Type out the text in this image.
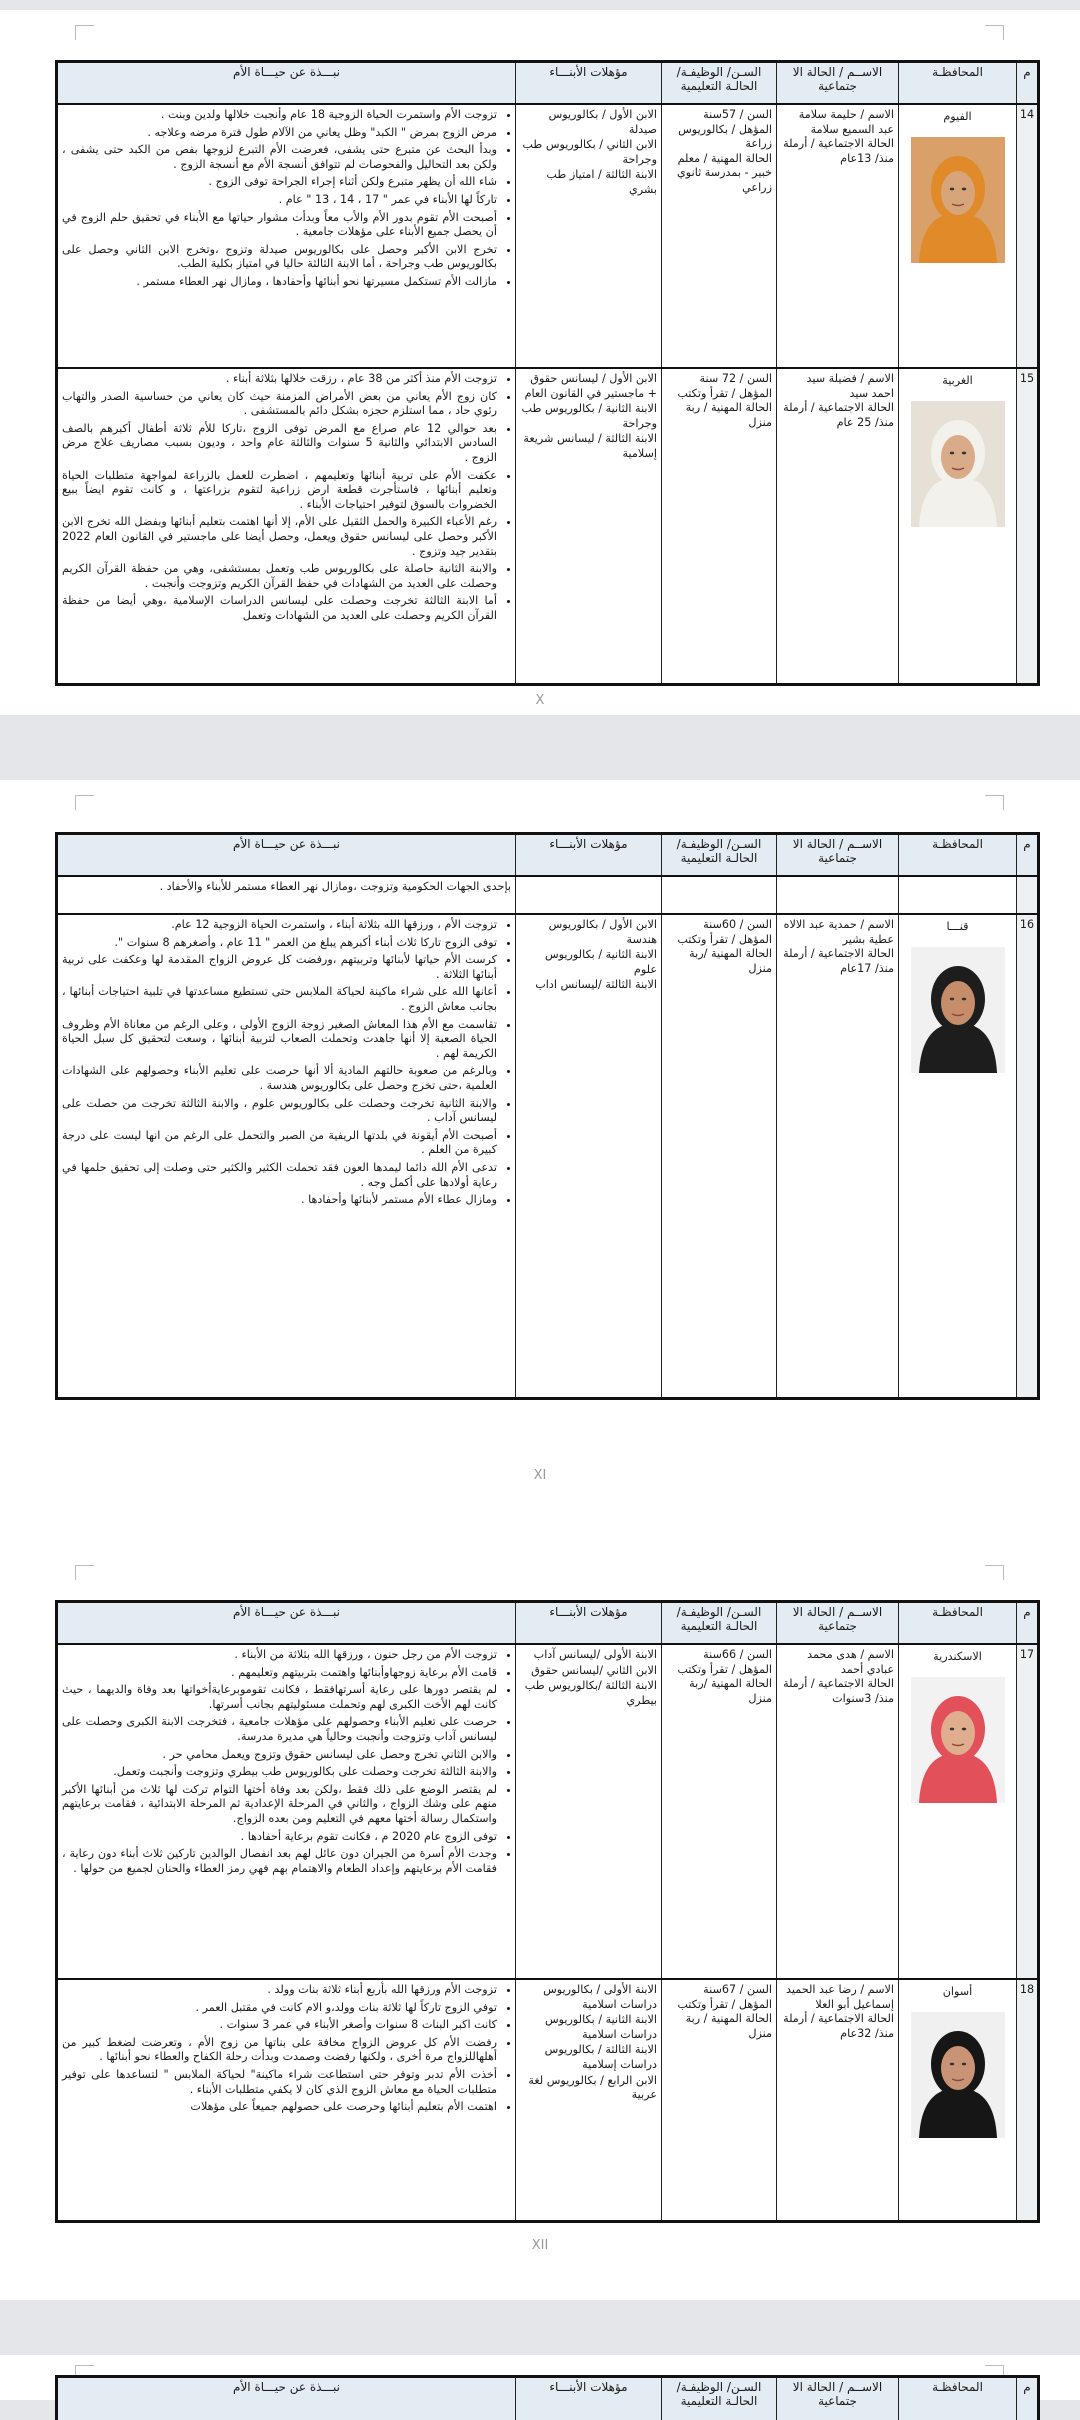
م
المحافظـة
الاســم / الحالة الا جتماعية
السـن/ الوظيفـة/ الحالـة التعليمية
مؤهلات الأبنـــاء
نبـــذة عن حيـــاة الأم
14
الفيوم
الاسم / حليمة سلامة عبد السميع سلامة
الحالة الاجتماعية / أرملة
منذ/ 13عام
السن / 57سنة
المؤهل / بكالوريوس زراعة
الحالة المهنية / معلم خبير - بمدرسة ثانوي زراعي
الابن الأول / بكالوريوس صيدلة
الابن الثاني / بكالوريوس طب وجراحة
الابنة الثالثة / امتياز طب بشري
• تزوجت الأم واستمرت الحياة الزوجية 18 عام وأنجبت خلالها ولدين وبنت .
• مرض الزوج بمرض " الكبد" وظل يعاني من الآلام طول فترة مرضه وعلاجه .
• وبدأ البحث عن متبرع حتى يشفى، فعرضت الأم التبرع لزوجها بفص من الكبد حتى يشفى ، ولكن بعد التحاليل والفحوصات لم تتوافق أنسجة الأم مع أنسجة الزوج .
• شاء الله أن يظهر متبرع ولكن أثناء إجراء الجراحة توفى الزوج .
• تاركاً لها الأبناء في عمر " 17 ، 14 ، 13 " عام .
• أصبحت الأم تقوم بدور الأم والأب معاً وبدأت مشوار حياتها مع الأبناء في تحقيق حلم الزوج في أن يحصل جميع الأبناء على مؤهلات جامعية .
• تخرج الابن الأكبر وحصل على بكالوريوس صيدلة وتزوج ،وتخرج الابن الثاني وحصل على بكالوريوس طب وجراحة ، أما الابنة الثالثة حاليا في امتياز بكلية الطب.
• مازالت الأم تستكمل مسيرتها نحو أبنائها وأحفادها ، ومازال نهر العطاء مستمر .
15
الغربية
الاسم / فضيلة سيد احمد سيد
الحالة الاجتماعية / أرملة
منذ/ 25 عام
السن / 72 سنة
المؤهل / تقرأ وتكتب
الحالة المهنية / ربة منزل
الابن الأول / ليسانس حقوق + ماجستير في القانون العام
الابنة الثانية / بكالوريوس طب وجراحة
الابنة الثالثة / ليسانس شريعة إسلامية
• تزوجت الأم منذ أكثر من 38 عام ، رزقت خلالها بثلاثة أبناء .
• كان زوج الأم يعاني من بعض الأمراض المزمنة حيث كان يعاني من حساسية الصدر والتهاب رئوي حاد ، مما استلزم حجزه بشكل دائم بالمستشفى .
• بعد حوالي 12 عام صراع مع المرض توفى الزوج ،تاركا للأم ثلاثة أطفال أكبرهم بالصف السادس الابتدائي والثانية 5 سنوات والثالثة عام واحد ، وديون بسبب مصاريف علاج مرض الزوج .
• عكفت الأم على تربية أبنائها وتعليمهم ، اضطرت للعمل بالزراعة لمواجهة متطلبات الحياة وتعليم أبنائها ، فاستأجرت قطعة ارض زراعية لتقوم بزراعتها ، و كانت تقوم ايضاً ببيع الخضروات بالسوق لتوفير احتياجات الأبناء .
• رغم الأعباء الكبيرة والحمل الثقيل على الأم، إلا أنها اهتمت بتعليم أبنائها وبفضل الله تخرج الابن الأكبر وحصل على ليسانس حقوق ويعمل، وحصل أيضا على ماجستير في القانون العام 2022 بتقدير جيد وتزوج .
• والابنة الثانية حاصلة على بكالوريوس طب وتعمل بمستشفى، وهي من حفظة القرآن الكريم وحصلت على العديد من الشهادات في حفظ القرآن الكريم وتزوجت وأنجبت .
• أما الابنة الثالثة تخرجت وحصلت على ليسانس الدراسات الإسلامية ،وهي أيضا من حفظة القرآن الكريم وحصلت على العديد من الشهادات وتعمل
X
م
المحافظـة
الاســم / الحالة الا جتماعية
السـن/ الوظيفـة/ الحالـة التعليمية
مؤهلات الأبنـــاء
نبـــذة عن حيـــاة الأم
بإحدى الجهات الحكومية وتزوجت ،ومازال نهر العطاء مستمر للأبناء والأحفاد .
16
قنـــا
الاسم / حمدية عبد الالاه عطية بشير
الحالة الاجتماعية / أرملة
منذ/ 17عام
السن / 60سنة
المؤهل / تقرأ وتكتب
الحالة المهنية /ربة منزل
الابن الأول / بكالوريوس هندسة
الابنة الثانية / بكالوريوس علوم
الابنة الثالثة /ليسانس اداب
• تزوجت الأم ، ورزقها الله بثلاثة أبناء ، واستمرت الحياة الزوجية 12 عام.
• توفى الزوج تاركا ثلاث أبناء أكبرهم يبلغ من العمر " 11 عام ، وأصغرهم 8 سنوات ".
• كرست الأم حياتها لأبنائها وتربيتهم ،ورفضت كل عروض الزواج المقدمة لها وعكفت على تربية أبنائها الثلاثة .
• أعانها الله على شراء ماكينة لحياكة الملابس حتى تستطيع مساعدتها في تلبية احتياجات أبنائها ، بجانب معاش الزوج .
• تقاسمت مع الأم هذا المعاش الصغير زوجة الزوج الأولى ، وعلى الرغم من معاناة الأم وظروف الحياة الصعبة إلا أنها جاهدت وتحملت الصعاب لتربية أبنائها ، وسعت لتحقيق كل سبل الحياة الكريمة لهم .
• وبالرغم من صعوبة حالتهم المادية ألا أنها حرصت على تعليم الأبناء وحصولهم على الشهادات العلمية ،حتى تخرج وحصل على بكالوريوس هندسة .
• والابنة الثانية تخرجت وحصلت على بكالوريوس علوم ، والابنة الثالثة تخرجت من حصلت على ليسانس آداب .
• أصبحت الأم أيقونة في بلدتها الريفية من الصبر والتحمل على الرغم من انها ليست على درجة كبيرة من العلم .
• تدعى الأم الله دائما ليمدها العون فقد تحملت الكثير والكثير حتى وصلت إلى تحقيق حلمها في رعاية أولادها على أكمل وجه .
• ومازال عطاء الأم مستمر لأبنائها وأحفادها .
XI
م
المحافظـة
الاســم / الحالة الا جتماعية
السـن/ الوظيفـة/ الحالـة التعليمية
مؤهلات الأبنـــاء
نبـــذة عن حيـــاة الأم
17
الاسكندرية
الاسم / هدى محمد عبادي أحمد
الحالة الاجتماعية / أرملة
منذ/ 3سنوات
السن / 66سنة
المؤهل / تقرأ وتكتب
الحالة المهنية /ربة منزل
الابنة الأولى /ليسانس آداب
الابن الثاني /ليسانس حقوق
الابنة الثالثة /بكالوريوس طب بيطري
• تزوجت الأم من رجل حنون ، ورزقها الله بثلاثة من الأبناء .
• قامت الأم برعاية زوجهاوأبنائها واهتمت بتربيتهم وتعليمهم .
• لم يقتصر دورها على رعاية أسرتهافقط ، فكانت تقوموبرعايةأخواتها بعد وفاة والديهما ، حيث كانت لهم الأخت الكبرى لهم وتحملت مسئوليتهم بجانب أسرتها.
• حرصت على تعليم الأبناء وحصولهم على مؤهلات جامعية ، فتخرجت الابنة الكبرى وحصلت على ليسانس آداب وتزوجت وأنجبت وحالياً هي مديرة مدرسة.
• والابن الثاني تخرج وحصل على ليسانس حقوق وتزوج ويعمل محامي حر .
• والابنة الثالثة تخرجت وحصلت على بكالوريوس طب بيطري وتزوجت وأنجبت وتعمل.
• لم يقتصر الوضع على ذلك فقط ،ولكن بعد وفاة أختها التوام تركت لها ثلاث من أبنائها الأكبر منهم على وشك الزواج ، والثاني في المرحلة الإعدادية ثم المرحلة الابتدائية ، فقامت برعايتهم واستكمال رسالة أختها معهم في التعليم ومن بعده الزواج.
• توفى الزوج عام 2020 م ، فكانت تقوم برعاية أحفادها .
• وجدت الأم أسرة من الجيران دون عائل لهم بعد انفصال الوالدين تاركين ثلاث أبناء دون رعاية ، فقامت الأم برعايتهم وإعداد الطعام والاهتمام بهم فهي رمز العطاء والحنان لجميع من حولها .
18
أسوان
الاسم / رضا عبد الحميد إسماعيل أبو العلا
الحالة الاجتماعية / أرملة
منذ/ 32عام
السن / 67سنة
المؤهل / تقرأ وتكتب
الحالة المهنية / ربة منزل
الابنة الأولى / بكالوريوس دراسات اسلامية
الابنة الثانية / بكالوريوس دراسات اسلامية
الابنة الثالثة / بكالوريوس دراسات إسلامية
الابن الرابع / بكالوريوس لغة عربية
• تزوجت الأم ورزقها الله بأربع أبناء ثلاثة بنات وولد .
• توفي الزوج تاركاً لها ثلاثة بنات وولد،و الام كانت في مقتبل العمر .
• كانت اكبر البنات 8 سنوات وأصغر الأبناء في عمر 3 سنوات .
• رفضت الأم كل عروض الزواج مخافة على بناتها من زوج الأم ، وتعرضت لضغط كبير من أهلهاللزواج مرة أخرى ، ولكنها رفضت وصمدت وبدأت رحلة الكفاح والعطاء نحو أبنائها .
• أخذت الأم تدبر وتوفر حتى استطاعت شراء ماكينة" لحياكة الملابس " لتساعدها على توفير متطلبات الحياة مع معاش الزوج الذي كان لا يكفي متطلبات الأبناء .
• اهتمت الأم بتعليم أبنائها وحرصت على حصولهم جميعاً على مؤهلات
XII
م
المحافظـة
الاســم / الحالة الا جتماعية
السـن/ الوظيفـة/ الحالـة التعليمية
مؤهلات الأبنـــاء
نبـــذة عن حيـــاة الأم
